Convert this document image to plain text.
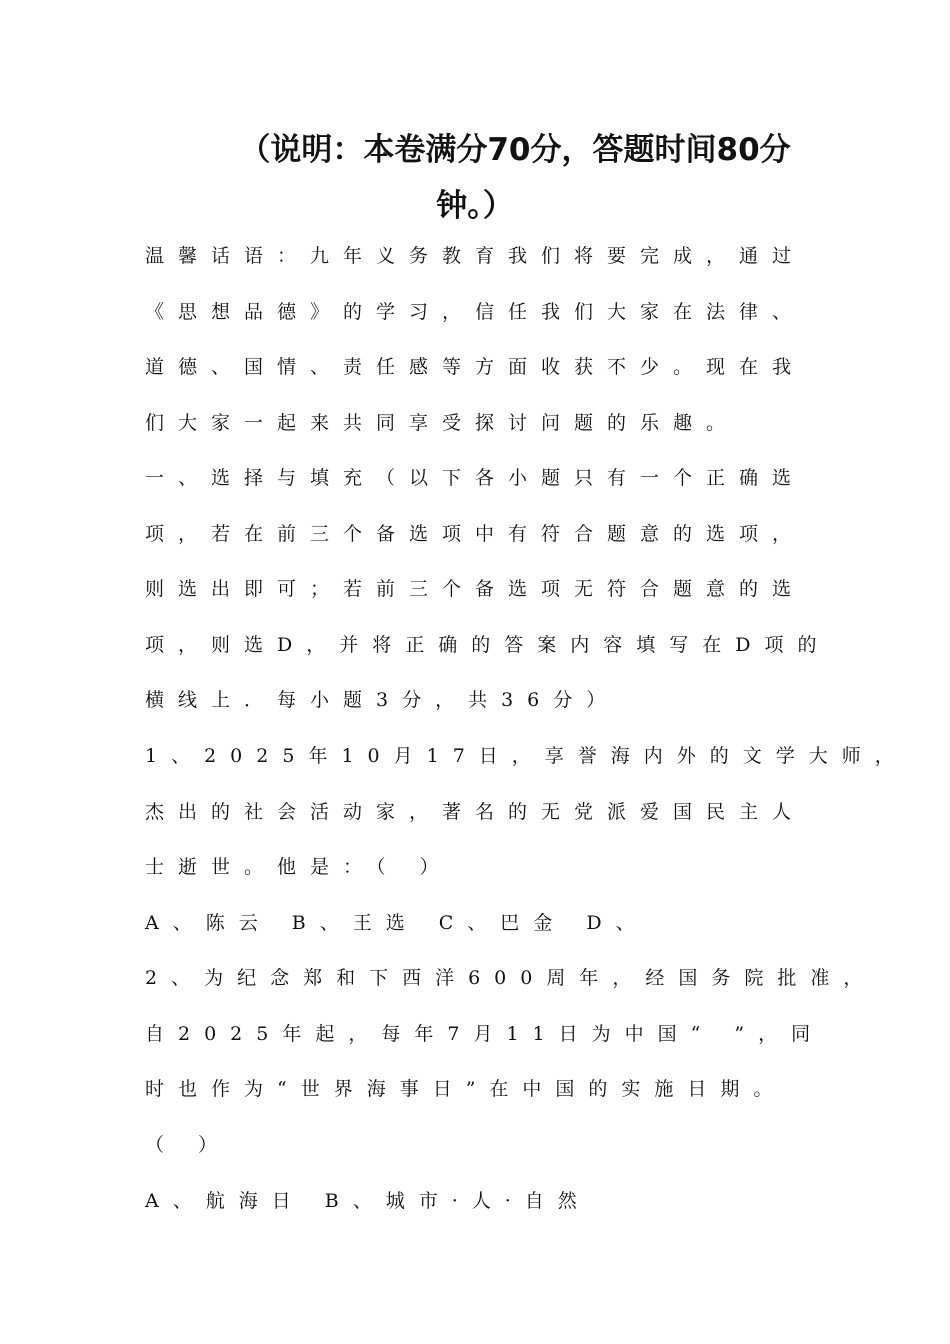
（说明：本卷满分70分，答题时间80分
钟。）
温馨话语：九年义务教育我们将要完成，通过
《思想品德》的学习，信任我们大家在法律、
道德、国情、责任感等方面收获不少。现在我
们大家一起来共同享受探讨问题的乐趣。
一、选择与填充（以下各小题只有一个正确选
项，若在前三个备选项中有符合题意的选项，
则选出即可；若前三个备选项无符合题意的选
项，则选D，并将正确的答案内容填写在D项的
横线上．每小题3分，共36分）
1、2025年10月17日，享誉海内外的文学大师，
杰出的社会活动家，著名的无党派爱国民主人
士逝世。他是：（ ）
A、陈云 B、王选 C、巴金 D、
2、为纪念郑和下西洋600周年，经国务院批准，
自2025年起，每年7月11日为中国“ ”，同
时也作为“世界海事日”在中国的实施日期。
（ ）
A、航海日 B、城市·人·自然
